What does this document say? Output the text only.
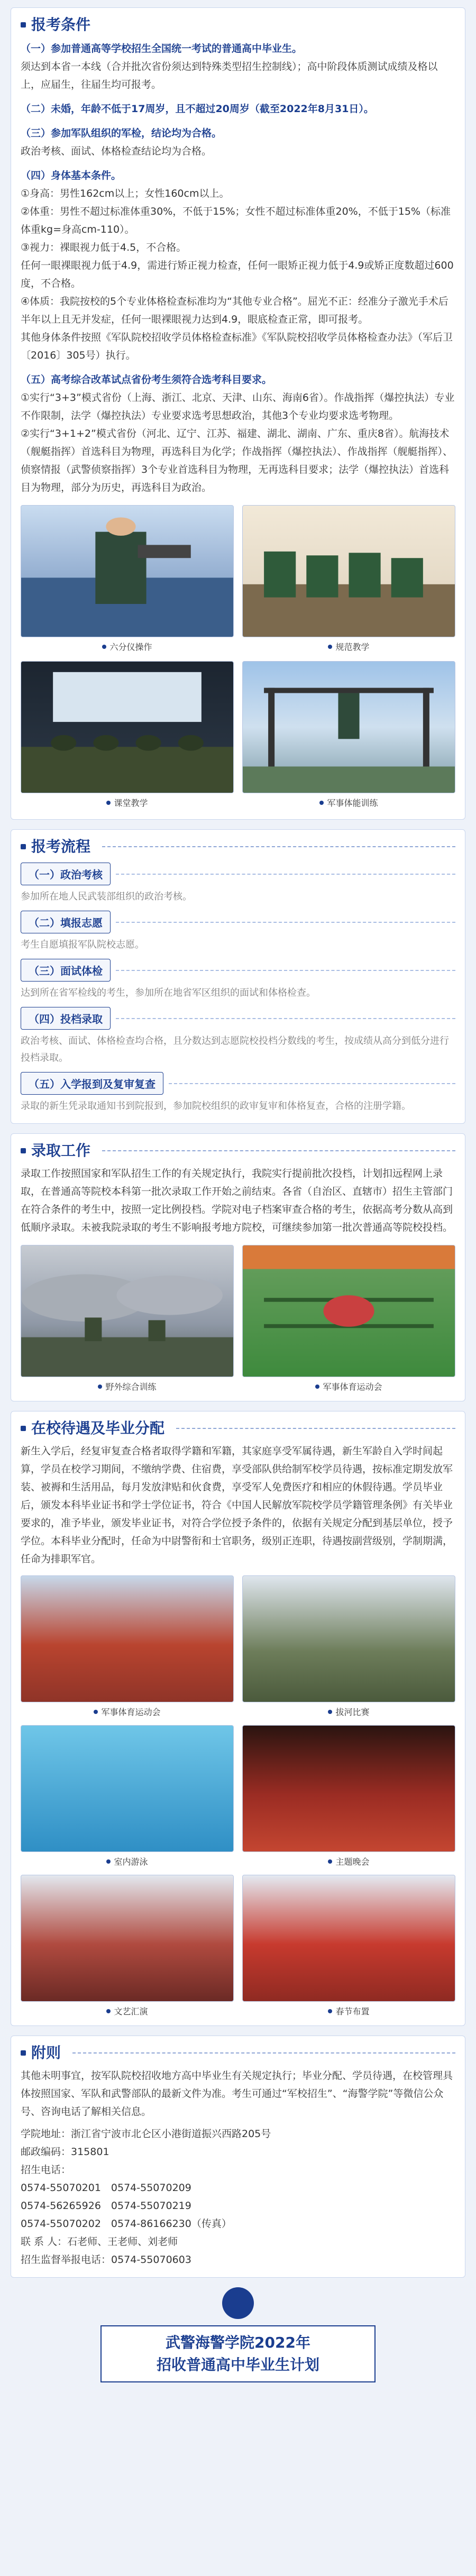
报考条件
（一）参加普通高等学校招生全国统一考试的普通高中毕业生。
须达到本省一本线（合并批次省份须达到特殊类型招生控制线）；高中阶段体质测试成绩及格以上，应届生，往届生均可报考。
（二）未婚，年龄不低于17周岁，且不超过20周岁（截至2022年8月31日）。
（三）参加军队组织的军检，结论均为合格。
政治考核、面试、体格检查结论均为合格。
（四）身体基本条件。
①身高：男性162cm以上；女性160cm以上。
②体重：男性不超过标准体重30%，不低于15%；女性不超过标准体重20%，不低于15%（标准体重kg=身高cm-110）。
③视力：裸眼视力低于4.5，不合格。
任何一眼裸眼视力低于4.9，需进行矫正视力检查，任何一眼矫正视力低于4.9或矫正度数超过600度，不合格。
④体质：我院按校的5个专业体格检查标准均为“其他专业合格”。屈光不正：经准分子激光手术后半年以上且无并发症，任何一眼裸眼视力达到4.9，眼底检查正常，即可报考。
其他身体条件按照《军队院校招收学员体格检查标准》《军队院校招收学员体格检查办法》（军后卫〔2016〕305号）执行。
（五）高考综合改革试点省份考生须符合选考科目要求。
①实行“3+3”模式省份（上海、浙江、北京、天津、山东、海南6省）。作战指挥（爆控执法）专业不作限制，法学（爆控执法）专业要求选考思想政治，其他3个专业均要求选考物理。
②实行“3+1+2”模式省份（河北、辽宁、江苏、福建、湖北、湖南、广东、重庆8省）。航海技术（舰艇指挥）首选科目为物理，再选科目为化学；作战指挥（爆控执法）、作战指挥（舰艇指挥）、侦察情报（武警侦察指挥）3个专业首选科目为物理，无再选科目要求；法学（爆控执法）首选科目为物理，部分为历史，再选科目为政治。
六分仪操作	规范教学
课堂教学	军事体能训练
报考流程
（一）政治考核
参加所在地人民武装部组织的政治考核。
（二）填报志愿
考生自愿填报军队院校志愿。
（三）面试体检
达到所在省军检线的考生，参加所在地省军区组织的面试和体格检查。
（四）投档录取
政治考核、面试、体格检查均合格，且分数达到志愿院校投档分数线的考生，按成绩从高分到低分进行投档录取。
（五）入学报到及复审复查
录取的新生凭录取通知书到院报到，参加院校组织的政审复审和体格复查，合格的注册学籍。
录取工作
录取工作按照国家和军队招生工作的有关规定执行，我院实行提前批次投档，计划扣远程网上录取，在普通高等院校本科第一批次录取工作开始之前结束。各省（自治区、直辖市）招生主管部门在符合条件的考生中，按照一定比例投档。学院对电子档案审查合格的考生，依据高考分数从高到低顺序录取。未被我院录取的考生不影响报考地方院校，可继续参加第一批次普通高等院校投档。
野外综合训练	军事体育运动会
在校待遇及毕业分配
新生入学后，经复审复查合格者取得学籍和军籍，其家庭享受军属待遇，新生军龄自入学时间起算，学员在校学习期间，不缴纳学费、住宿费，享受部队供给制军校学员待遇，按标准定期发放军装、被褥和生活用品，每月发放津贴和伙食费，享受军人免费医疗和相应的休假待遇。学员毕业后，颁发本科毕业证书和学士学位证书，符合《中国人民解放军院校学员学籍管理条例》有关毕业要求的，准予毕业，颁发毕业证书，对符合学位授予条件的，依据有关规定分配到基层单位，授予学位。本科毕业分配时，任命为中尉警衔和士官职务，级别正连职，待遇按副营级别，学制期满，任命为排职军官。
军事体育运动会	拔河比赛
室内游泳	主题晚会
文艺汇演	春节布置
附则
其他未明事宜，按军队院校招收地方高中毕业生有关规定执行；毕业分配、学员待遇，在校管理具体按照国家、军队和武警部队的最新文件为准。考生可通过“军校招生”、“海警学院”等微信公众号、咨询电话了解相关信息。
学院地址：浙江省宁波市北仑区小港街道振兴西路205号
邮政编码：315801
招生电话：
0574-55070201　0574-55070209
0574-56265926　0574-55070219
0574-55070202　0574-86166230（传真）
联 系 人：石老师、王老师、刘老师
招生监督举报电话：0574-55070603
武警海警学院2022年
招收普通高中毕业生计划
